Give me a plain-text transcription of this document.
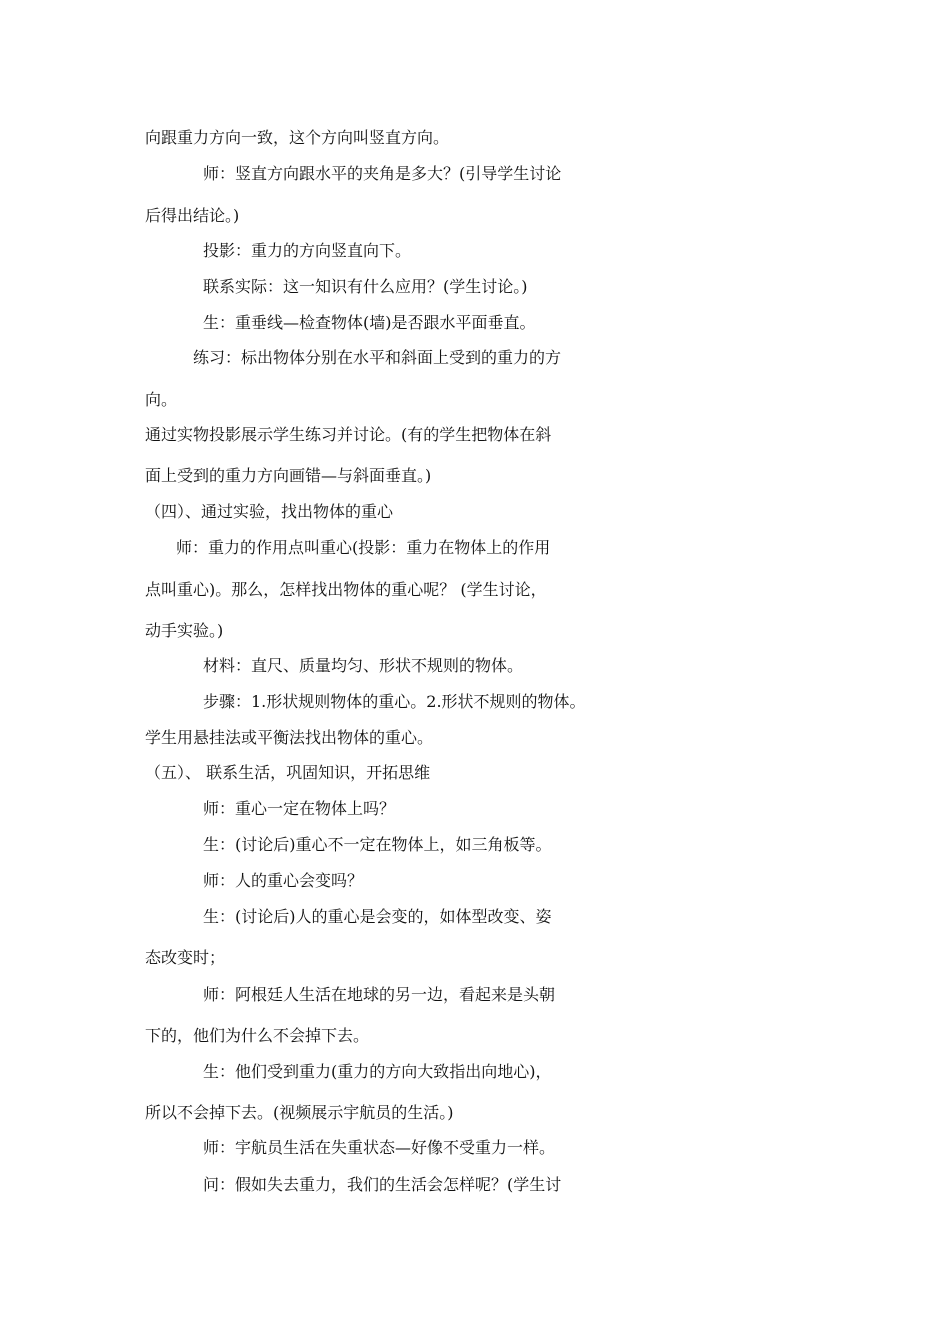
向跟重力方向一致，这个方向叫竖直方向。
师：竖直方向跟水平的夹角是多大？(引导学生讨论
后得出结论。)
投影：重力的方向竖直向下。
联系实际：这一知识有什么应用？(学生讨论。)
生：重垂线—检查物体(墙)是否跟水平面垂直。
练习：标出物体分别在水平和斜面上受到的重力的方
向。
通过实物投影展示学生练习并讨论。(有的学生把物体在斜
面上受到的重力方向画错—与斜面垂直。)
（四）、通过实验，找出物体的重心
师：重力的作用点叫重心(投影：重力在物体上的作用
点叫重心)。那么，怎样找出物体的重心呢？ (学生讨论，
动手实验。)
材料：直尺、质量均匀、形状不规则的物体。
步骤：1.形状规则物体的重心。2.形状不规则的物体。
学生用悬挂法或平衡法找出物体的重心。
（五）、 联系生活，巩固知识，开拓思维
师：重心一定在物体上吗？
生：(讨论后)重心不一定在物体上，如三角板等。
师：人的重心会变吗？
生：(讨论后)人的重心是会变的，如体型改变、姿
态改变时；
师：阿根廷人生活在地球的另一边，看起来是头朝
下的，他们为什么不会掉下去。
生：他们受到重力(重力的方向大致指出向地心)，
所以不会掉下去。(视频展示宇航员的生活。)
师：宇航员生活在失重状态—好像不受重力一样。
问：假如失去重力，我们的生活会怎样呢？(学生讨
